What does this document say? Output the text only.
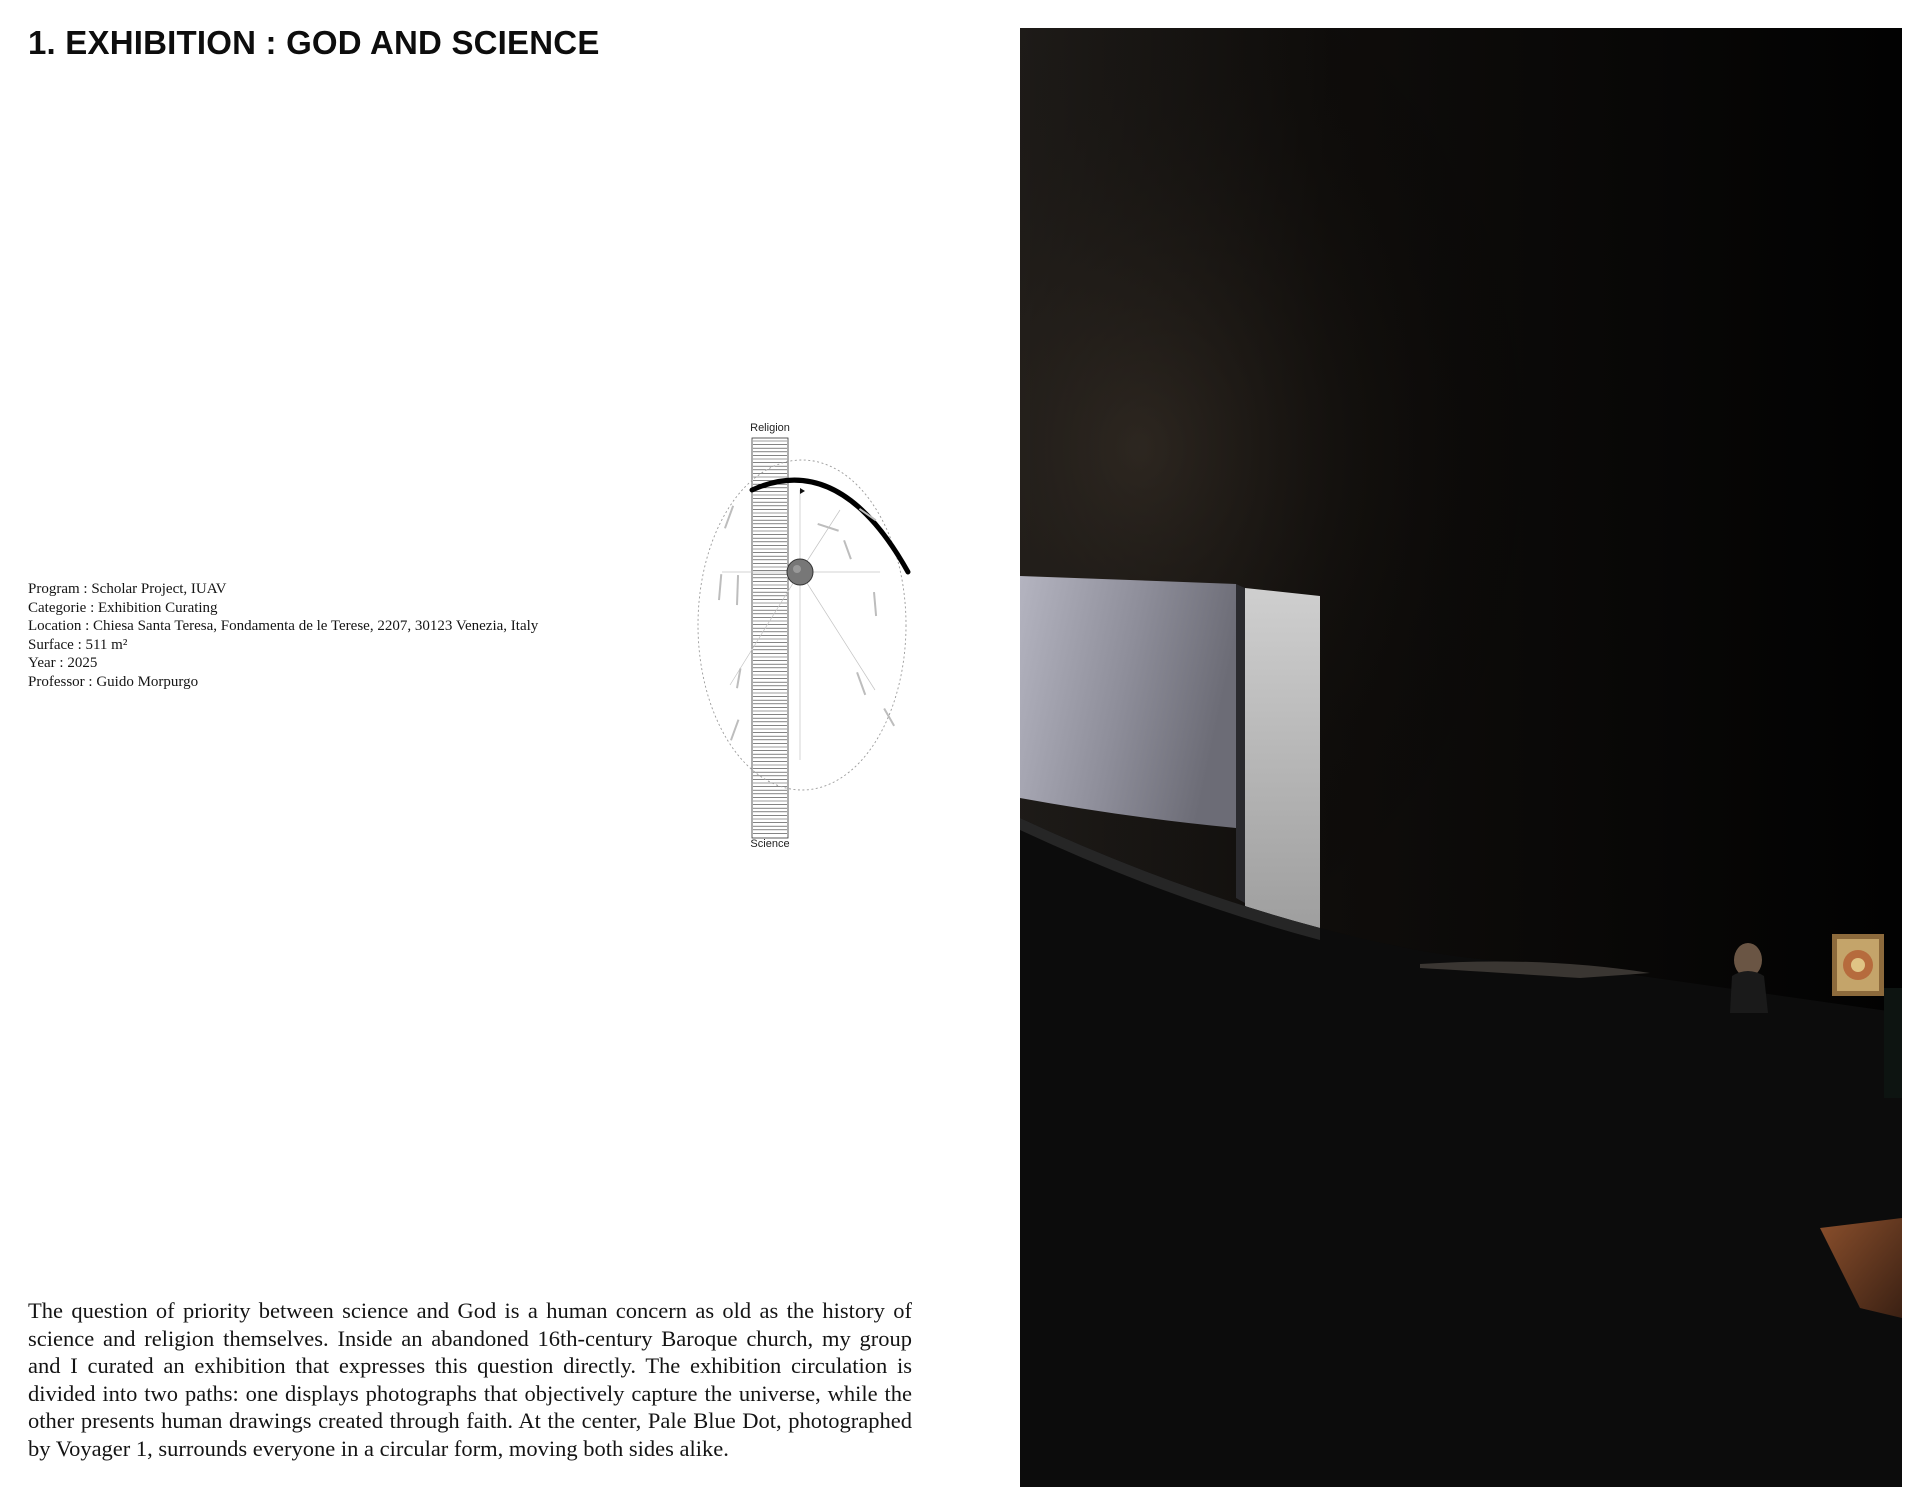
1. EXHIBITION : GOD AND SCIENCE
Program : Scholar Project, IUAV
Categorie : Exhibition Curating
Location : Chiesa Santa Teresa, Fondamenta de le Terese, 2207, 30123 Venezia, Italy
Surface : 511 m²
Year : 2025
Professor : Guido Morpurgo
Religion
Science
The question of priority between science and God is a human concern as old as the history of science and religion themselves. Inside an abandoned 16th-century Baroque church, my group and I curated an exhibition that expresses this question directly. The exhibition circulation is divided into two paths: one displays photographs that objectively capture the universe, while the other presents human drawings created through faith. At the center, Pale Blue Dot, photographed by Voyager 1, surrounds everyone in a circular form, moving both sides alike.
